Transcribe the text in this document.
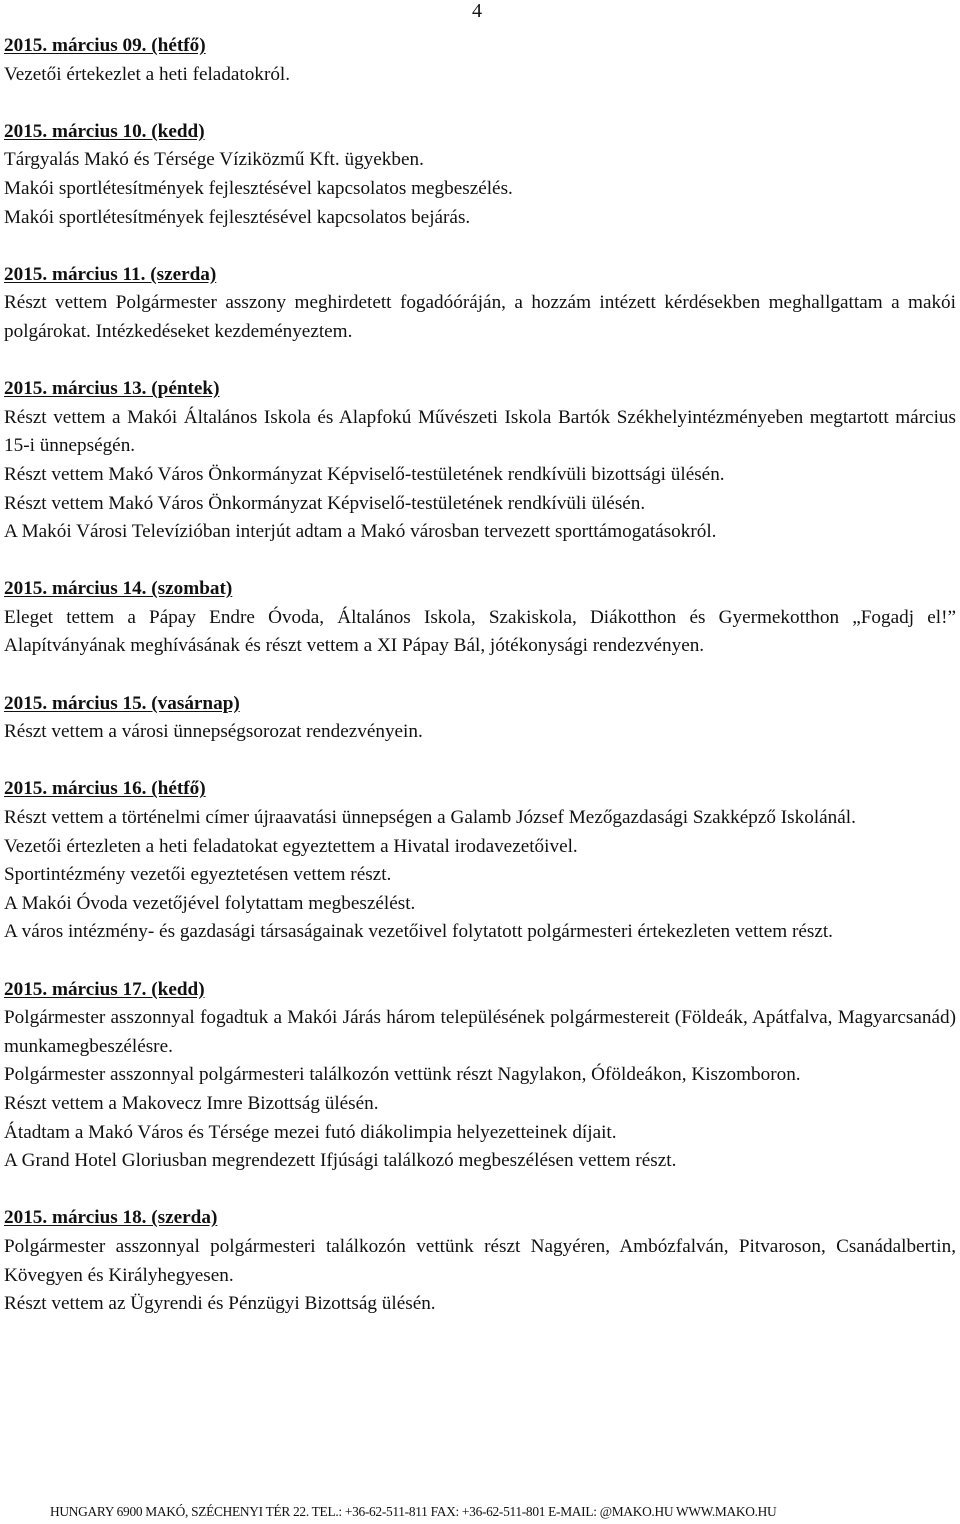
4
2015. március 09. (hétfő)
Vezetői értekezlet a heti feladatokról.
2015. március 10. (kedd)
Tárgyalás Makó és Térsége Víziközmű Kft. ügyekben.
Makói sportlétesítmények fejlesztésével kapcsolatos megbeszélés.
Makói sportlétesítmények fejlesztésével kapcsolatos bejárás.
2015. március 11. (szerda)
Részt vettem Polgármester asszony meghirdetett fogadóóráján, a hozzám intézett kérdésekben meghallgattam a makói polgárokat. Intézkedéseket kezdeményeztem.
2015. március 13. (péntek)
Részt vettem a Makói Általános Iskola és Alapfokú Művészeti Iskola Bartók Székhelyintézményeben megtartott március 15-i ünnepségén.
Részt vettem Makó Város Önkormányzat Képviselő-testületének rendkívüli bizottsági ülésén.
Részt vettem Makó Város Önkormányzat Képviselő-testületének rendkívüli ülésén.
A Makói Városi Televízióban interjút adtam a Makó városban tervezett sporttámogatásokról.
2015. március 14. (szombat)
Eleget tettem a Pápay Endre Óvoda, Általános Iskola, Szakiskola, Diákotthon és Gyermekotthon „Fogadj el!” Alapítványának meghívásának és részt vettem a XI Pápay Bál, jótékonysági rendezvényen.
2015. március 15. (vasárnap)
Részt vettem a városi ünnepségsorozat rendezvényein.
2015. március 16. (hétfő)
Részt vettem a történelmi címer újraavatási ünnepségen a Galamb József Mezőgazdasági Szakképző Iskolánál.
Vezetői értezleten a heti feladatokat egyeztettem a Hivatal irodavezetőivel.
Sportintézmény vezetői egyeztetésen vettem részt.
A Makói Óvoda vezetőjével folytattam megbeszélést.
A város intézmény- és gazdasági társaságainak vezetőivel folytatott polgármesteri értekezleten vettem részt.
2015. március 17. (kedd)
Polgármester asszonnyal fogadtuk a Makói Járás három településének polgármestereit (Földeák, Apátfalva, Magyarcsanád) munkamegbeszélésre.
Polgármester asszonnyal polgármesteri találkozón vettünk részt Nagylakon, Óföldeákon, Kiszomboron.
Részt vettem a Makovecz Imre Bizottság ülésén.
Átadtam a Makó Város és Térsége mezei futó diákolimpia helyezetteinek díjait.
A Grand Hotel Gloriusban megrendezett Ifjúsági találkozó megbeszélésen vettem részt.
2015. március 18. (szerda)
Polgármester asszonnyal polgármesteri találkozón vettünk részt Nagyéren, Ambózfalván, Pitvaroson, Csanádalbertin, Kövegyen és Királyhegyesen.
Részt vettem az Ügyrendi és Pénzügyi Bizottság ülésén.
HUNGARY 6900 MAKÓ, SZÉCHENYI TÉR 22. TEL.: +36-62-511-811 FAX: +36-62-511-801 E-MAIL: @MAKO.HU WWW.MAKO.HU
